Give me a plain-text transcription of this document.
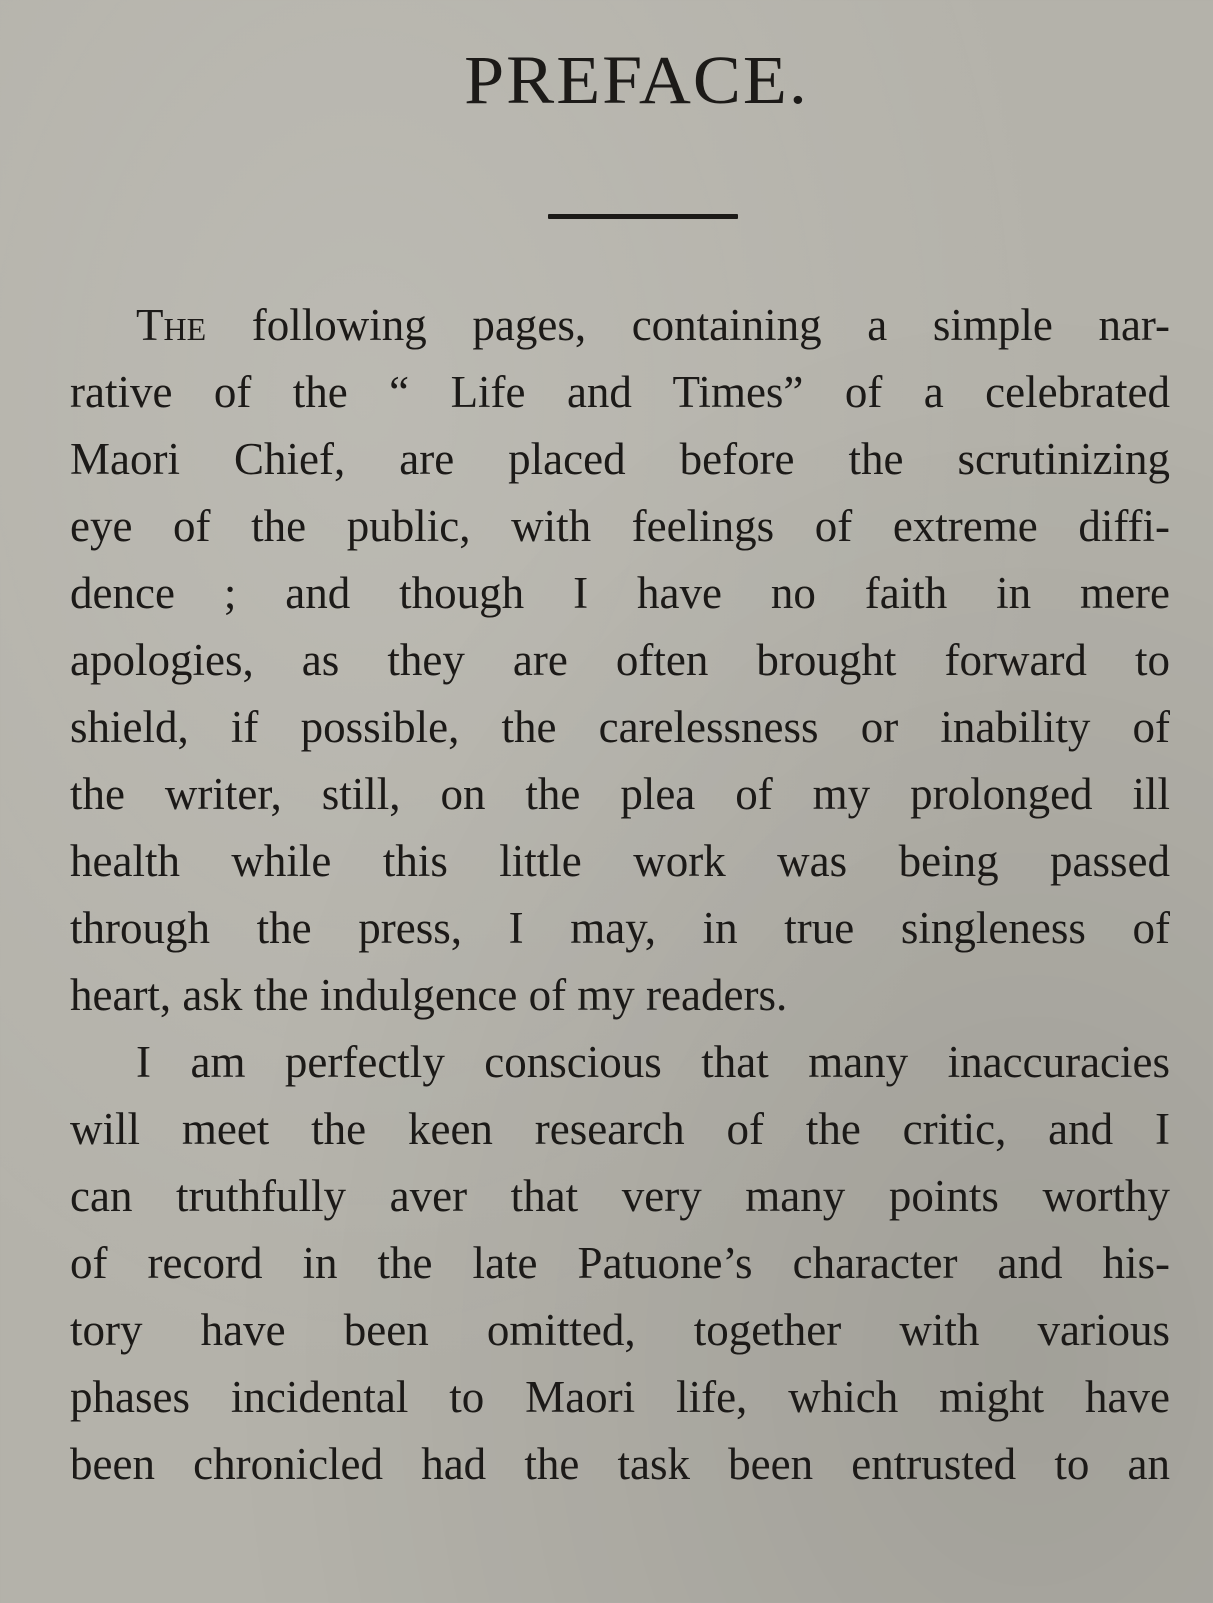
PREFACE.
The following pages, containing a simple nar-
rative of the “ Life and Times” of a celebrated
Maori Chief, are placed before the scrutinizing
eye of the public, with feelings of extreme diffi-
dence ; and though I have no faith in mere
apologies, as they are often brought forward to
shield, if possible, the carelessness or inability of
the writer, still, on the plea of my prolonged ill
health while this little work was being passed
through the press, I may, in true singleness of
heart, ask the indulgence of my readers.
I am perfectly conscious that many inaccuracies
will meet the keen research of the critic, and I
can truthfully aver that very many points worthy
of record in the late Patuone’s character and his-
tory have been omitted, together with various
phases incidental to Maori life, which might have
been chronicled had the task been entrusted to an
